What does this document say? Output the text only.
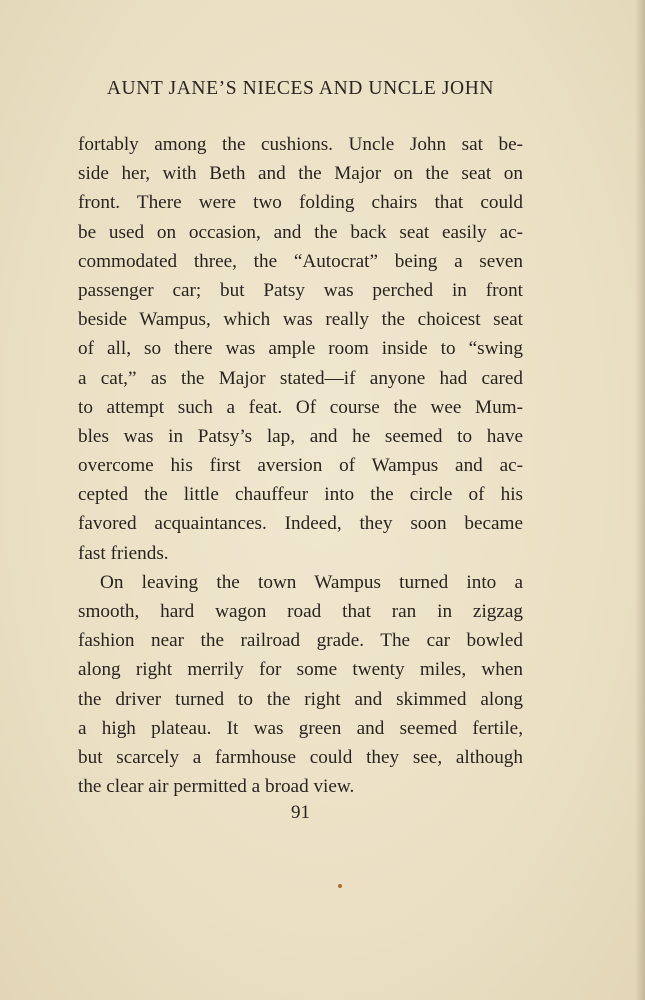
AUNT JANE’S NIECES AND UNCLE JOHN
fortably among the cushions. Uncle John sat be-
side her, with Beth and the Major on the seat on
front. There were two folding chairs that could
be used on occasion, and the back seat easily ac-
commodated three, the “Autocrat” being a seven
passenger car; but Patsy was perched in front
beside Wampus, which was really the choicest seat
of all, so there was ample room inside to “swing
a cat,” as the Major stated—if anyone had cared
to attempt such a feat. Of course the wee Mum-
bles was in Patsy’s lap, and he seemed to have
overcome his first aversion of Wampus and ac-
cepted the little chauffeur into the circle of his
favored acquaintances. Indeed, they soon became
fast friends.
On leaving the town Wampus turned into a
smooth, hard wagon road that ran in zigzag
fashion near the railroad grade. The car bowled
along right merrily for some twenty miles, when
the driver turned to the right and skimmed along
a high plateau. It was green and seemed fertile,
but scarcely a farmhouse could they see, although
the clear air permitted a broad view.
91
